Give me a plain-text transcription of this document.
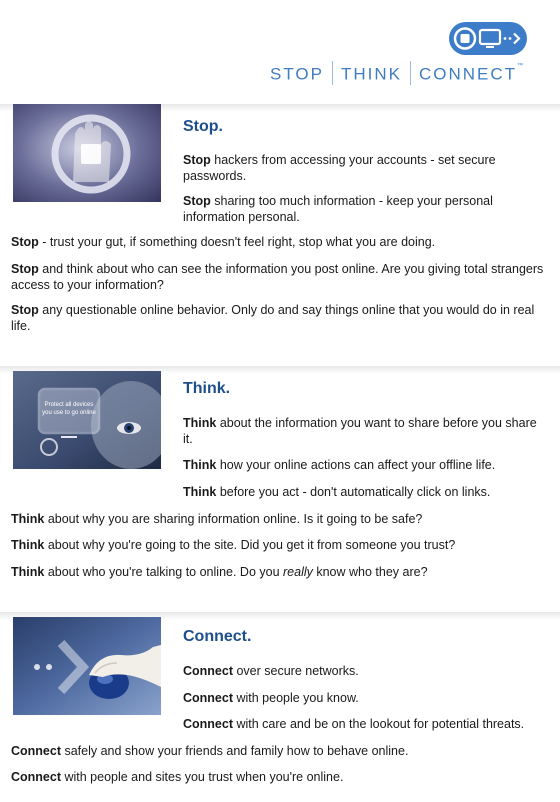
STOP THINK CONNECT™
Stop.
Stop hackers from accessing your accounts - set secure passwords.
Stop sharing too much information - keep your personal information personal.
Stop - trust your gut, if something doesn't feel right, stop what you are doing.
Stop and think about who can see the information you post online. Are you giving total strangers access to your information?
Stop any questionable online behavior. Only do and say things online that you would do in real life.
Protect all devices
you use to go online
Think.
Think about the information you want to share before you share it.
Think how your online actions can affect your offline life.
Think before you act - don't automatically click on links.
Think about why you are sharing information online. Is it going to be safe?
Think about why you're going to the site. Did you get it from someone you trust?
Think about who you're talking to online. Do you really know who they are?
Connect.
Connect over secure networks.
Connect with people you know.
Connect with care and be on the lookout for potential threats.
Connect safely and show your friends and family how to behave online.
Connect with people and sites you trust when you're online.
